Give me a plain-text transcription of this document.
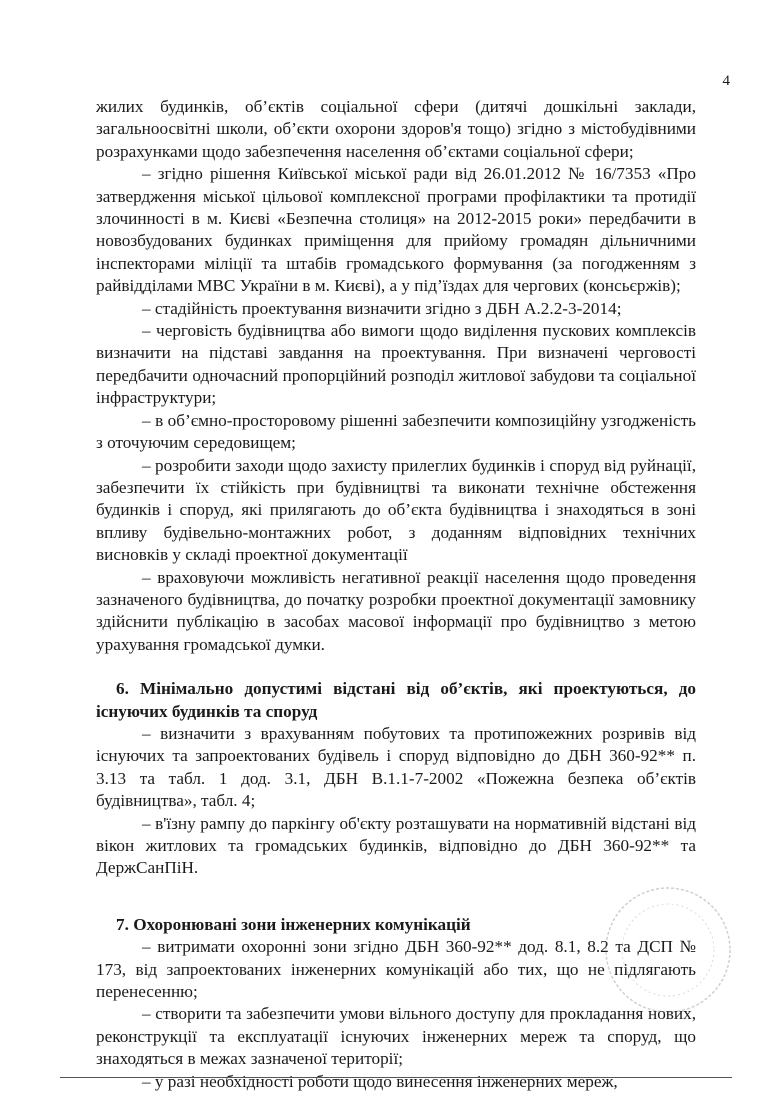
4

жилих будинків, об’єктів соціальної сфери (дитячі дошкільні заклади, загальноосвітні школи, об’єкти охорони здоров'я тощо) згідно з містобудівними розрахунками щодо забезпечення населення об’єктами соціальної сфери;

– згідно рішення Київської міської ради від 26.01.2012 № 16/7353 «Про затвердження міської цільової комплексної програми профілактики та протидії злочинності в м. Києві «Безпечна столиця» на 2012-2015 роки» передбачити в новозбудованих будинках приміщення для прийому громадян дільничними інспекторами міліції та штабів громадського формування (за погодженням з райвідділами МВС України в м. Києві), а у під’їздах для чергових (консьєржів);

– стадійність проектування визначити згідно з ДБН А.2.2-3-2014;

– черговість будівництва або вимоги щодо виділення пускових комплексів визначити на підставі завдання на проектування. При визначені черговості передбачити одночасний пропорційний розподіл житлової забудови та соціальної інфраструктури;

– в об’ємно-просторовому рішенні забезпечити композиційну узгодженість з оточуючим середовищем;

– розробити заходи щодо захисту прилеглих будинків і споруд від руйнації, забезпечити їх стійкість при будівництві та виконати технічне обстеження будинків і споруд, які прилягають до об’єкта будівництва і знаходяться в зоні впливу будівельно-монтажних робот, з доданням відповідних технічних висновків у складі проектної документації

– враховуючи можливість негативної реакції населення щодо проведення зазначеного будівництва, до початку розробки проектної документації замовнику здійснити публікацію в засобах масової інформації про будівництво з метою урахування громадської думки.

6. Мінімально допустимі відстані від об’єктів, які проектуються, до існуючих будинків та споруд

– визначити з врахуванням побутових та протипожежних розривів від існуючих та запроектованих будівель і споруд відповідно до ДБН 360-92** п. 3.13 та табл. 1 дод. 3.1, ДБН В.1.1-7-2002 «Пожежна безпека об’єктів будівництва», табл. 4;

– в'їзну рампу до паркінгу об'єкту розташувати на нормативній відстані від вікон житлових та громадських будинків, відповідно до ДБН 360-92** та ДержСанПіН.

7. Охоронювані зони інженерних комунікацій

– витримати охоронні зони згідно ДБН 360-92** дод. 8.1, 8.2 та ДСП № 173, від запроектованих інженерних комунікацій або тих, що не підлягають перенесенню;

– створити та забезпечити умови вільного доступу для прокладання нових, реконструкції та експлуатації існуючих інженерних мереж та споруд, що знаходяться в межах зазначеної території;

– у разі необхідності роботи щодо винесення інженерних мереж,
